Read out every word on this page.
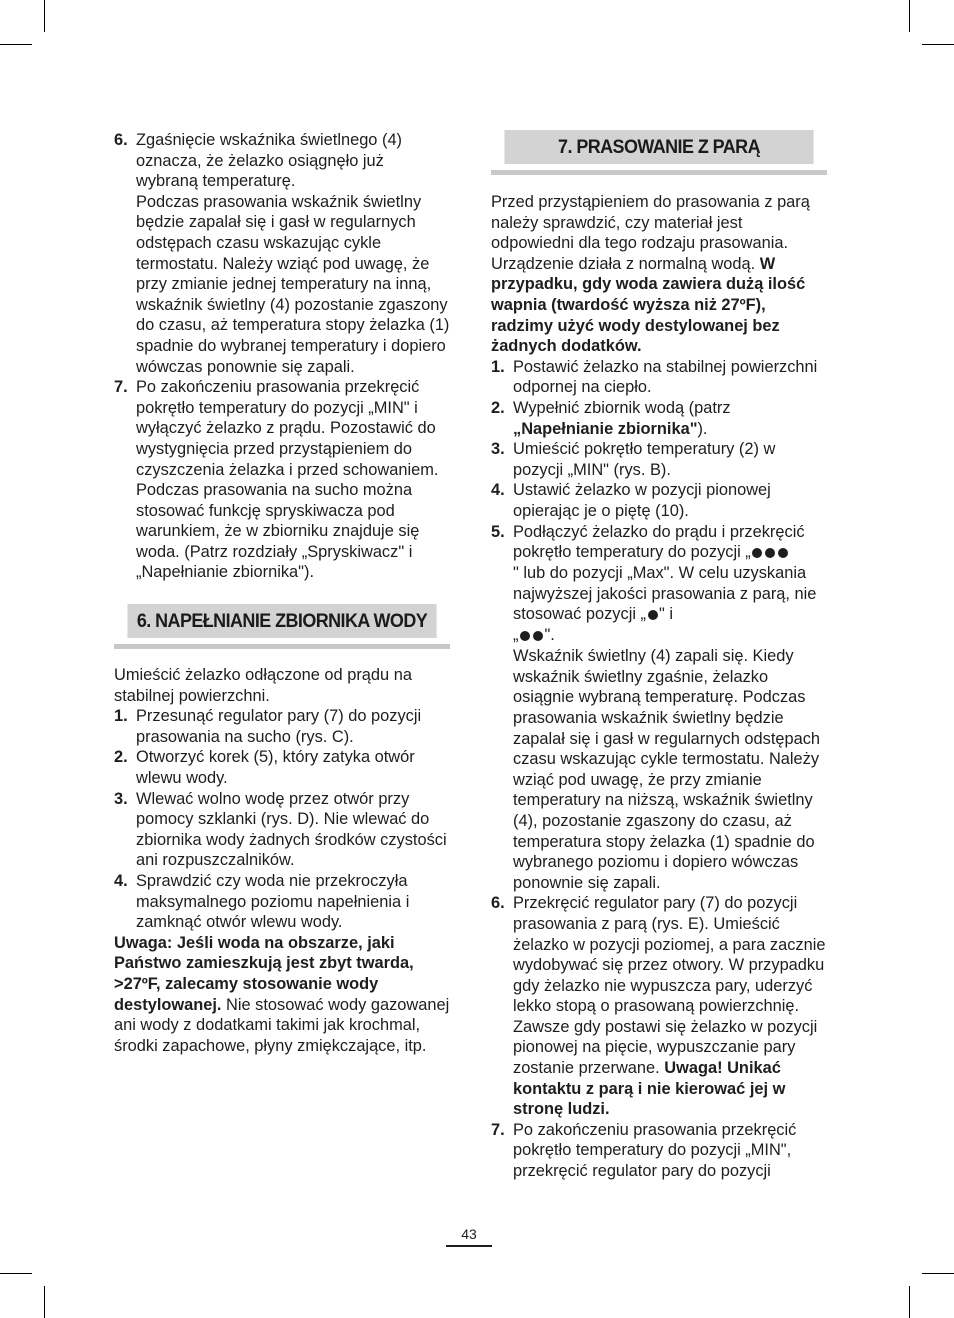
6. Zgaśnięcie wskaźnika świetlnego (4) oznacza, że żelazko osiągnęło już wybraną temperaturę.

Podczas prasowania wskaźnik świetlny będzie zapalał się i gasł w regularnych odstępach czasu wskazując cykle termostatu. Należy wziąć pod uwagę, że przy zmianie jednej temperatury na inną, wskaźnik świetlny (4) pozostanie zgaszony do czasu, aż temperatura stopy żelazka (1) spadnie do wybranej temperatury i dopiero wówczas ponownie się zapali.

7. Po zakończeniu prasowania przekręcić pokrętło temperatury do pozycji „MIN" i wyłączyć żelazko z prądu. Pozostawić do wystygnięcia przed przystąpieniem do czyszczenia żelazka i przed schowaniem.

Podczas prasowania na sucho można stosować funkcję spryskiwacza pod warunkiem, że w zbiorniku znajduje się woda. (Patrz rozdziały „Spryskiwacz" i „Napełnianie zbiornika").

6. NAPEŁNIANIE ZBIORNIKA WODY

Umieścić żelazko odłączone od prądu na stabilnej powierzchni.

1. Przesunąć regulator pary (7) do pozycji prasowania na sucho (rys. C).

2. Otworzyć korek (5), który zatyka otwór wlewu wody.

3. Wlewać wolno wodę przez otwór przy pomocy szklanki (rys. D). Nie wlewać do zbiornika wody żadnych środków czystości ani rozpuszczalników.

4. Sprawdzić czy woda nie przekroczyła maksymalnego poziomu napełnienia i zamknąć otwór wlewu wody.

Uwaga: Jeśli woda na obszarze, jaki Państwo zamieszkują jest zbyt twarda, >27ºF, zalecamy stosowanie wody destylowanej. Nie stosować wody gazowanej ani wody z dodatkami takimi jak krochmal, środki zapachowe, płyny zmiękczające, itp.

7. PRASOWANIE Z PARĄ

Przed przystąpieniem do prasowania z parą należy sprawdzić, czy materiał jest odpowiedni dla tego rodzaju prasowania. Urządzenie działa z normalną wodą. W przypadku, gdy woda zawiera dużą ilość wapnia (twardość wyższa niż 27ºF), radzimy użyć wody destylowanej bez żadnych dodatków.

1. Postawić żelazko na stabilnej powierzchni odpornej na ciepło.

2. Wypełnić zbiornik wodą (patrz „Napełnianie zbiornika").

3. Umieścić pokrętło temperatury (2) w pozycji „MIN" (rys. B).

4. Ustawić żelazko w pozycji pionowej opierając je o piętę (10).

5. Podłączyć żelazko do prądu i przekręcić pokrętło temperatury do pozycji „
" lub do pozycji „Max". W celu uzyskania najwyższej jakości prasowania z parą, nie stosować pozycji „ " i
„ ".

Wskaźnik świetlny (4) zapali się. Kiedy wskaźnik świetlny zgaśnie, żelazko osiągnie wybraną temperaturę. Podczas prasowania wskaźnik świetlny będzie zapalał się i gasł w regularnych odstępach czasu wskazując cykle termostatu. Należy wziąć pod uwagę, że przy zmianie temperatury na niższą, wskaźnik świetlny (4), pozostanie zgaszony do czasu, aż temperatura stopy żelazka (1) spadnie do wybranego poziomu i dopiero wówczas ponownie się zapali.

6. Przekręcić regulator pary (7) do pozycji prasowania z parą (rys. E). Umieścić żelazko w pozycji poziomej, a para zacznie wydobywać się przez otwory. W przypadku gdy żelazko nie wypuszcza pary, uderzyć lekko stopą o prasowaną powierzchnię. Zawsze gdy postawi się żelazko w pozycji pionowej na pięcie, wypuszczanie pary zostanie przerwane. Uwaga! Unikać kontaktu z parą i nie kierować jej w stronę ludzi.

7. Po zakończeniu prasowania przekręcić pokrętło temperatury do pozycji „MIN", przekręcić regulator pary do pozycji

43
